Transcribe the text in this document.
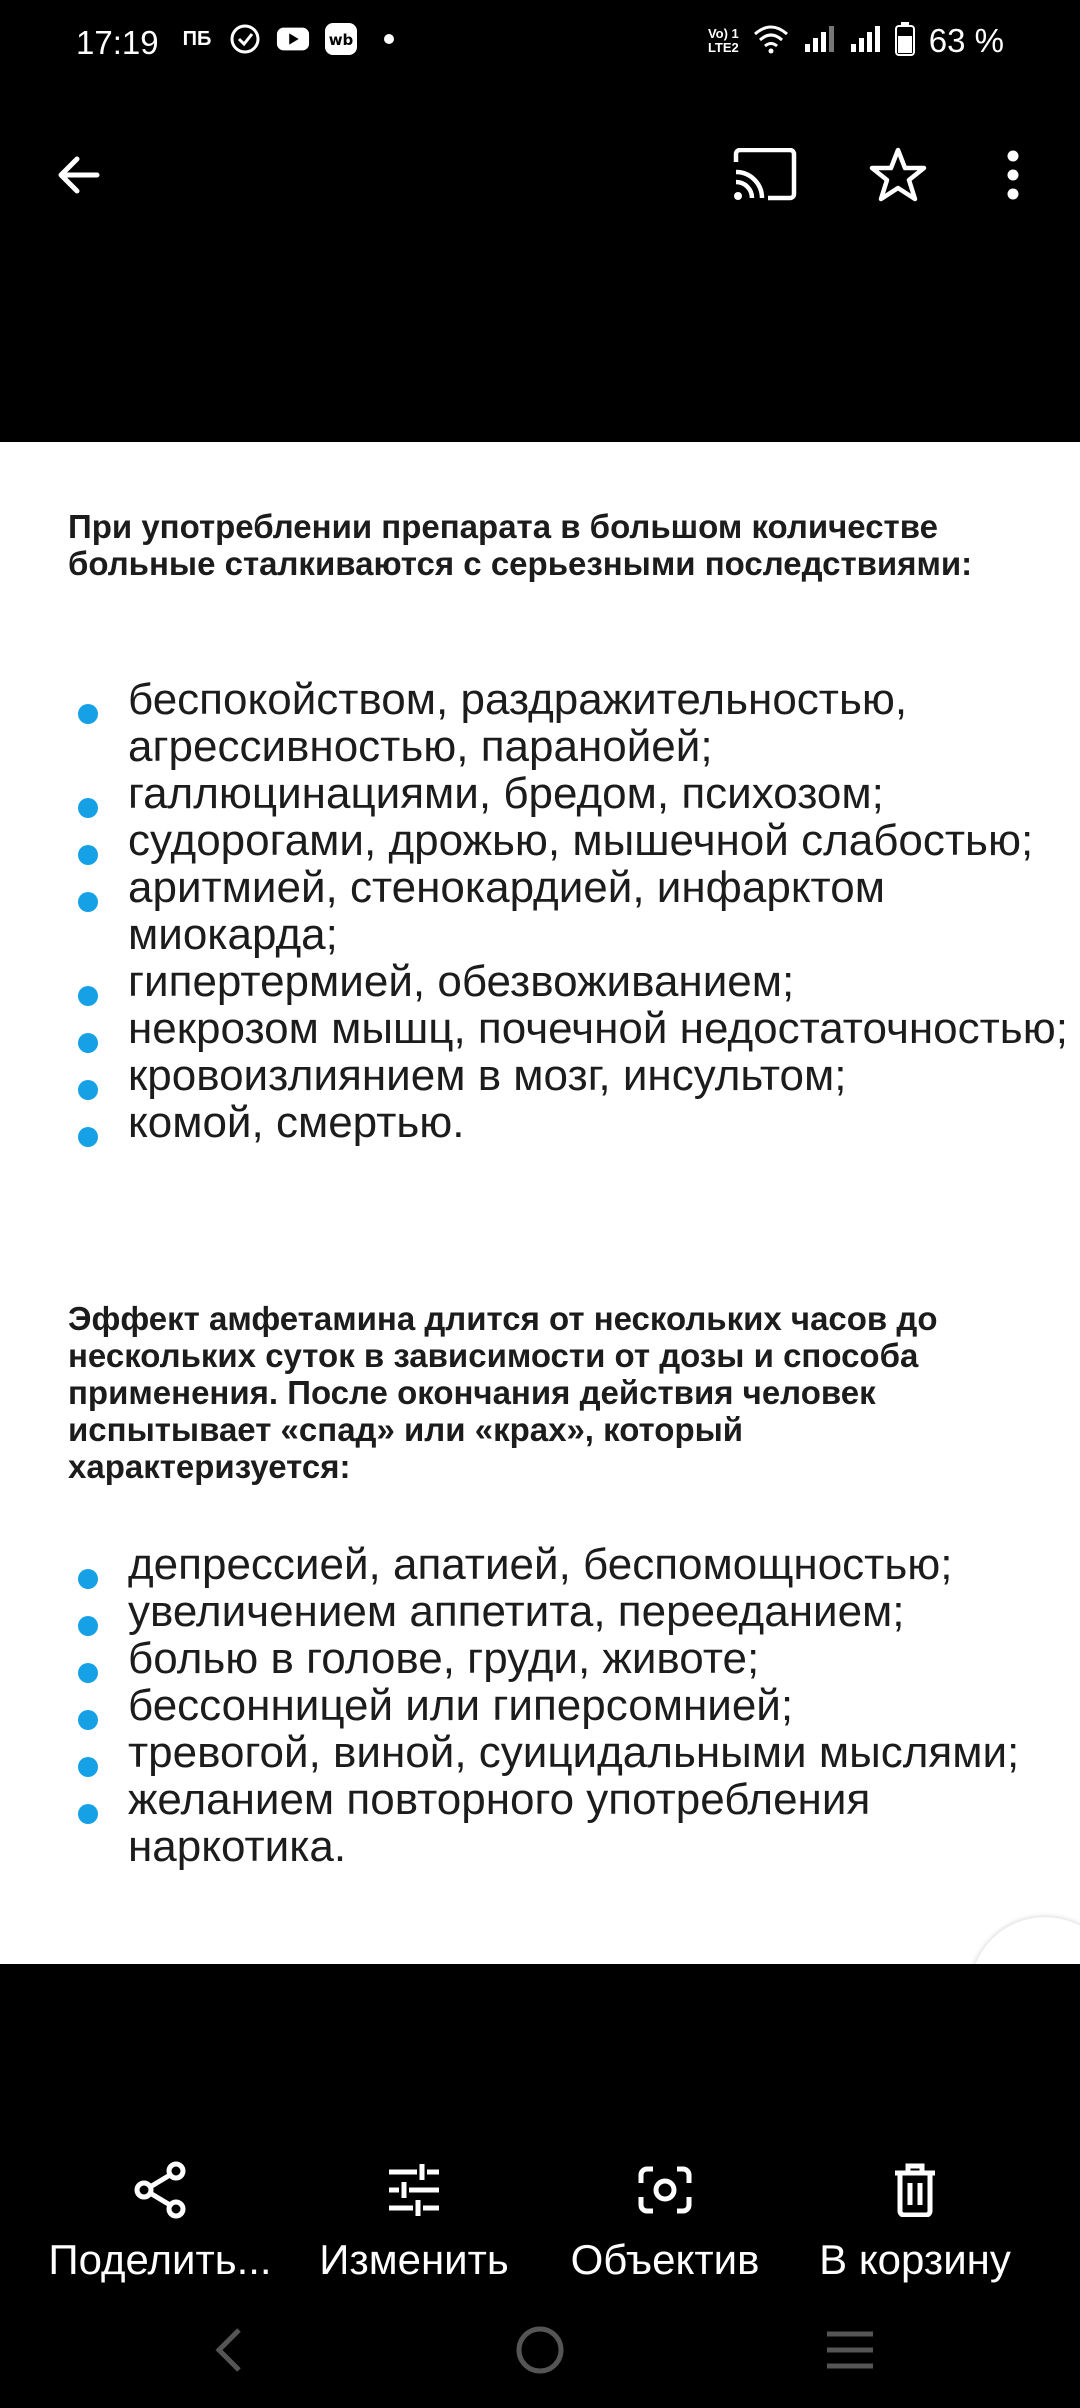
17:19 ПБ	wb	Vo) 1
LTE2	63 %
При употреблении препарата в большом количестве больные сталкиваются с серьезными последствиями:
беспокойством, раздражительностью, агрессивностью, паранойей;
галлюцинациями, бредом, психозом;
судорогами, дрожью, мышечной слабостью;
аритмией, стенокардией, инфарктом миокарда;
гипертермией, обезвоживанием;
некрозом мышц, почечной недостаточностью;
кровоизлиянием в мозг, инсультом;
комой, смертью.
Эффект амфетамина длится от нескольких часов до нескольких суток в зависимости от дозы и способа применения. После окончания действия человек испытывает «спад» или «крах», который характеризуется:
депрессией, апатией, беспомощностью;
увеличением аппетита, перееданием;
болью в голове, груди, животе;
бессонницей или гиперсомнией;
тревогой, виной, суицидальными мыслями;
желанием повторного употребления наркотика.
Поделить...	Изменить	Объектив	В корзину
